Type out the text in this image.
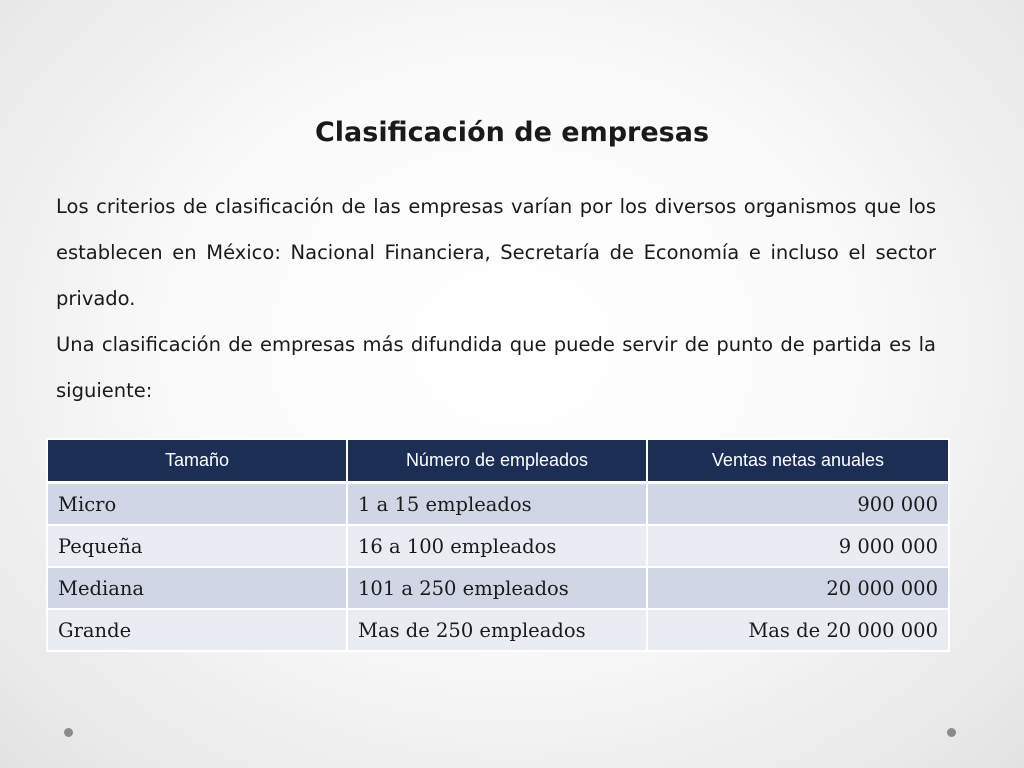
Clasificación de empresas

Los criterios de clasificación de las empresas varían por los diversos organismos que los establecen en México: Nacional Financiera, Secretaría de Economía e incluso el sector privado.

Una clasificación de empresas más difundida que puede servir de punto de partida es la siguiente:

Tamaño	Número de empleados	Ventas netas anuales
Micro	1 a 15 empleados	900 000
Pequeña	16 a 100 empleados	9 000 000
Mediana	101 a 250 empleados	20 000 000
Grande	Mas de 250 empleados	Mas de 20 000 000
